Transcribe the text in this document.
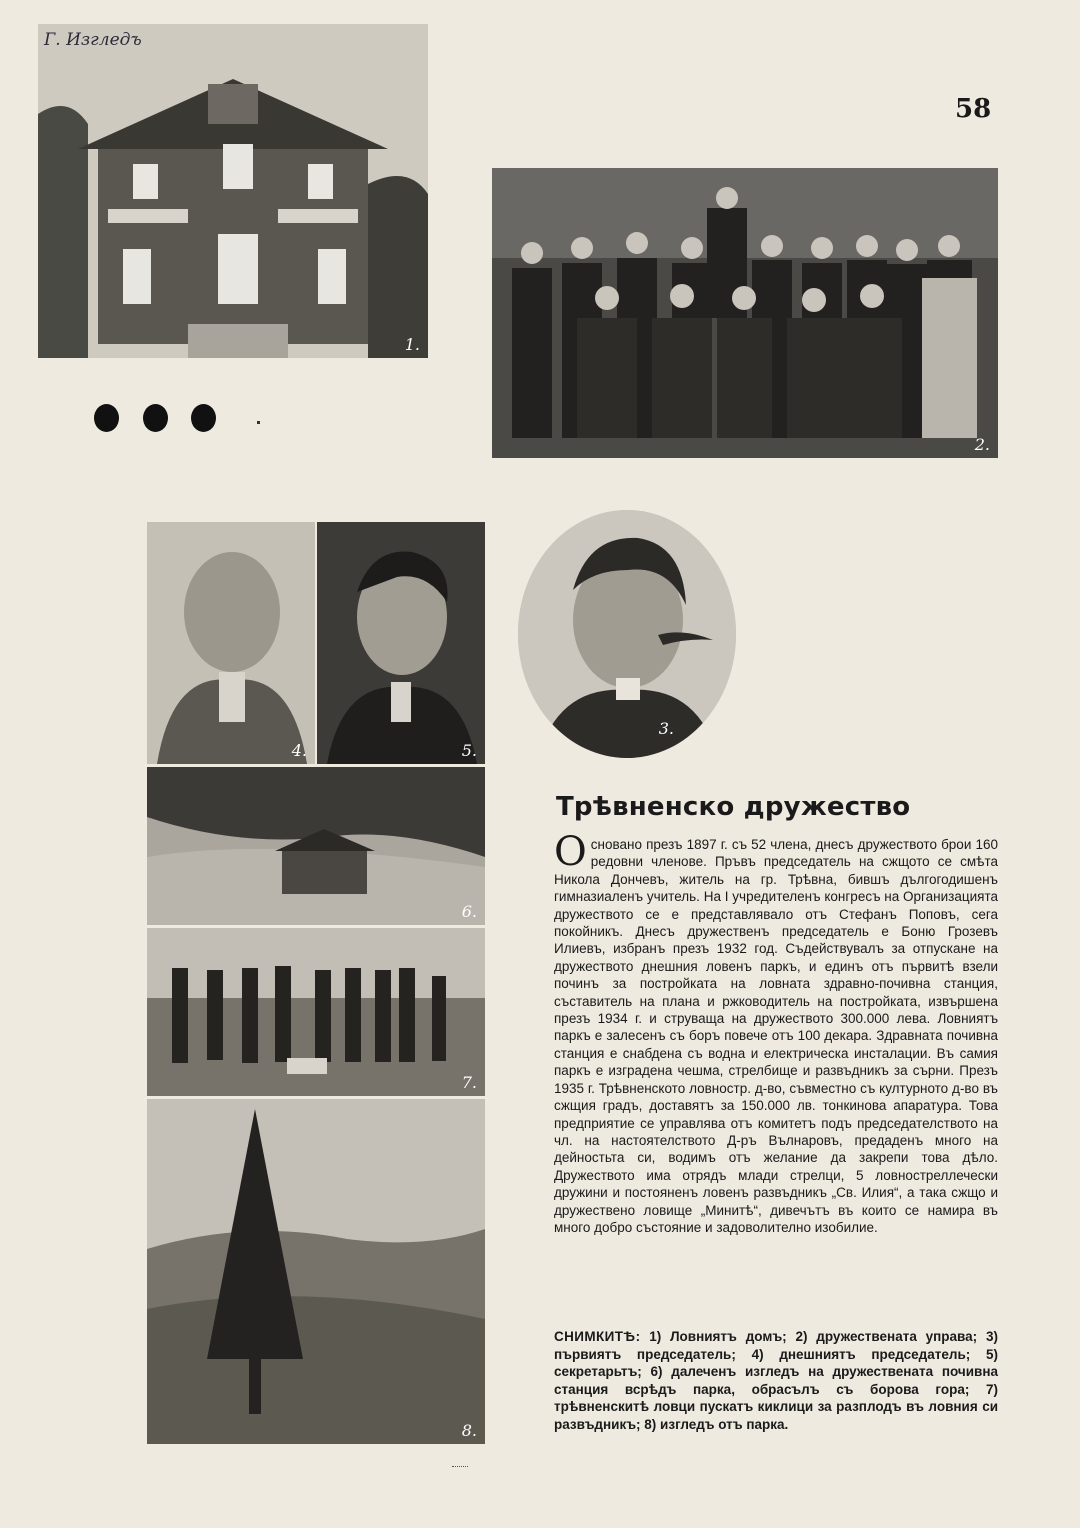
Г. Изгледъ
1.
2.
3.
4.	5.
6.
7.
8.
58
Трѣвненско дружество
Основано презъ 1897 г. съ 52 члена, днесъ дружеството брои 160 редовни членове. Пръвъ председатель на сжщото се смѣта Никола Дончевъ, житель на гр. Трѣвна, бившъ дългогодишенъ гимназиаленъ учитель. На I учредителенъ конгресъ на Организацията дружеството се е представлявало отъ Стефанъ Поповъ, сега покойникъ. Днесъ дружественъ председатель е Боню Грозевъ Илиевъ, избранъ презъ 1932 год. Съдействувалъ за отпускане на дружеството днешния ловенъ паркъ, и единъ отъ първитѣ взели починъ за постройката на ловната здравно-почивна станция, съставитель на плана и ржководитель на постройката, извършена презъ 1934 г. и струваща на дружеството 300.000 лева. Ловниятъ паркъ е залесенъ съ боръ повече отъ 100 декара. Здравната почивна станция е снабдена съ водна и електрическа инсталации. Въ самия паркъ е изградена чешма, стрелбище и развъдникъ за сърни. Презъ 1935 г. Трѣвненското ловностр. д-во, съвместно съ културното д-во въ сжщия градъ, доставятъ за 150.000 лв. тонкинова апаратура. Това предприятие се управлява отъ комитетъ подъ председателството на чл. на настоятелството Д-ръ Вълнаровъ, предаденъ много на дейностьта си, водимъ отъ желание да закрепи това дѣло. Дружеството има отрядъ млади стрелци, 5 ловностреллечески дружини и постояненъ ловенъ развъдникъ „Св. Илия“, а така сжщо и дружествено ловище „Минитѣ“, дивечътъ въ които се намира въ много добро състояние и задоволително изобилие.
СНИМКИТѢ: 1) Ловниятъ домъ; 2) дружествената управа; 3) първиятъ председатель; 4) днешниятъ председатель; 5) секретарьтъ; 6) далеченъ изгледъ на дружествената почивна станция всрѣдъ парка, обрасълъ съ борова гора; 7) трѣвненскитѣ ловци пускатъ киклици за разплодъ въ ловния си развъдникъ; 8) изгледъ отъ парка.
